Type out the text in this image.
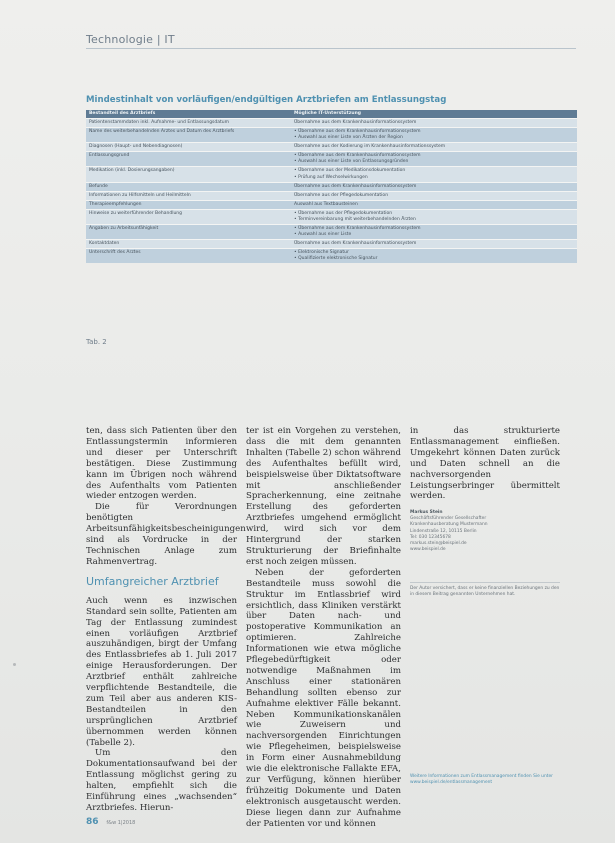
Technologie | IT
Mindestinhalt von vorläufigen/endgültigen Arztbriefen am Entlassungstag
Bestandteil des Arztbriefs	Mögliche IT-Unterstützung
Patientenstammdaten inkl. Aufnahme- und Entlassungsdatum	Übernahme aus dem Krankenhausinformationssystem
Name des weiterbehandelnden Arztes und Datum des Arztbriefs	• Übernahme aus dem Krankenhausinformationssystem
• Auswahl aus einer Liste von Ärzten der Region
Diagnosen (Haupt- und Nebendiagnosen)	Übernahme aus der Kodierung im Krankenhausinformationssystem
Entlassungsgrund	• Übernahme aus dem Krankenhausinformationssystem
• Auswahl aus einer Liste von Entlassungsgründen
Medikation (inkl. Dosierungsangaben)	• Übernahme aus der Medikationsdokumentation
• Prüfung auf Wechselwirkungen
Befunde	Übernahme aus dem Krankenhausinformationssystem
Informationen zu Hilfsmitteln und Heilmitteln	Übernahme aus der Pflegedokumentation
Therapieempfehlungen	Auswahl aus Textbausteinen
Hinweise zu weiterführender Behandlung	• Übernahme aus der Pflegedokumentation
• Terminvereinbarung mit weiterbehandelnden Ärzten
Angaben zu Arbeitsunfähigkeit	• Übernahme aus dem Krankenhausinformationssystem
• Auswahl aus einer Liste
Kontaktdaten	Übernahme aus dem Krankenhausinformationssystem
Unterschrift des Arztes	• Elektronische Signatur
• Qualifizierte elektronische Signatur
Tab. 2

ten, dass sich Patienten über den Entlassungstermin informieren und dieser per Unterschrift bestätigen. Diese Zustimmung kann im Übrigen noch während des Aufenthalts vom Patienten wieder entzogen werden.

Die für Verordnungen benötigten Arbeitsunfähigkeitsbescheinigungen sind als Vordrucke in der Technischen Anlage zum Rahmenvertrag.

Umfangreicher Arztbrief

Auch wenn es inzwischen Standard sein sollte, Patienten am Tag der Entlassung zumindest einen vorläufigen Arztbrief auszuhändigen, birgt der Umfang des Entlassbriefes ab 1. Juli 2017 einige Herausforderungen. Der Arztbrief enthält zahlreiche verpflichtende Bestandteile, die zum Teil aber aus anderen KIS-Bestandteilen in den ursprünglichen Arztbrief übernommen werden können (Tabelle 2).

Um den Dokumentationsaufwand bei der Entlassung möglichst gering zu halten, empfiehlt sich die Einführung eines „wachsenden“ Arztbriefes. Hierun-

ter ist ein Vorgehen zu verstehen, dass die mit dem genannten Inhalten (Tabelle 2) schon während des Aufenthaltes befüllt wird, beispielsweise über Diktatsoftware mit anschließender Spracherkennung, eine zeitnahe Erstellung des geforderten Arztbriefes umgehend ermöglicht wird, wird sich vor dem Hintergrund der starken Strukturierung der Briefinhalte erst noch zeigen müssen.

Neben der geforderten Bestandteile muss sowohl die Struktur im Entlassbrief wird ersichtlich, dass Kliniken verstärkt über Daten nach- und postoperative Kommunikation an optimieren. Zahlreiche Informationen wie etwa mögliche Pflegebedürftigkeit oder notwendige Maßnahmen im Anschluss einer stationären Behandlung sollten ebenso zur Aufnahme elektiver Fälle bekannt. Neben Kommunikationskanälen wie Zuweisern und nachversorgenden Einrichtungen wie Pflegeheimen, beispielsweise in Form einer Ausnahmebildung wie die elektronische Fallakte EFA, zur Verfügung, können hierüber frühzeitig Dokumente und Daten elektronisch ausgetauscht werden. Diese liegen dann zur Aufnahme der Patienten vor und können

in das strukturierte Entlassmanagement einfließen. Umgekehrt können Daten zurück und Daten schnell an die nachversorgenden Leistungserbringer übermittelt werden.

Markus Stein
Geschäftsführender Gesellschafter
Krankenhausberatung Mustermann
Lindenstraße 12, 10115 Berlin
Tel: 030 12345678
markus.stein@beispiel.de
www.beispiel.de
Der Autor versichert, dass er keine finanziellen Beziehungen zu den in diesem Beitrag genannten Unternehmen hat.
Weitere Informationen zum Entlassmanagement finden Sie unter www.beispiel.de/entlassmanagement
86 f&w 1|2018
